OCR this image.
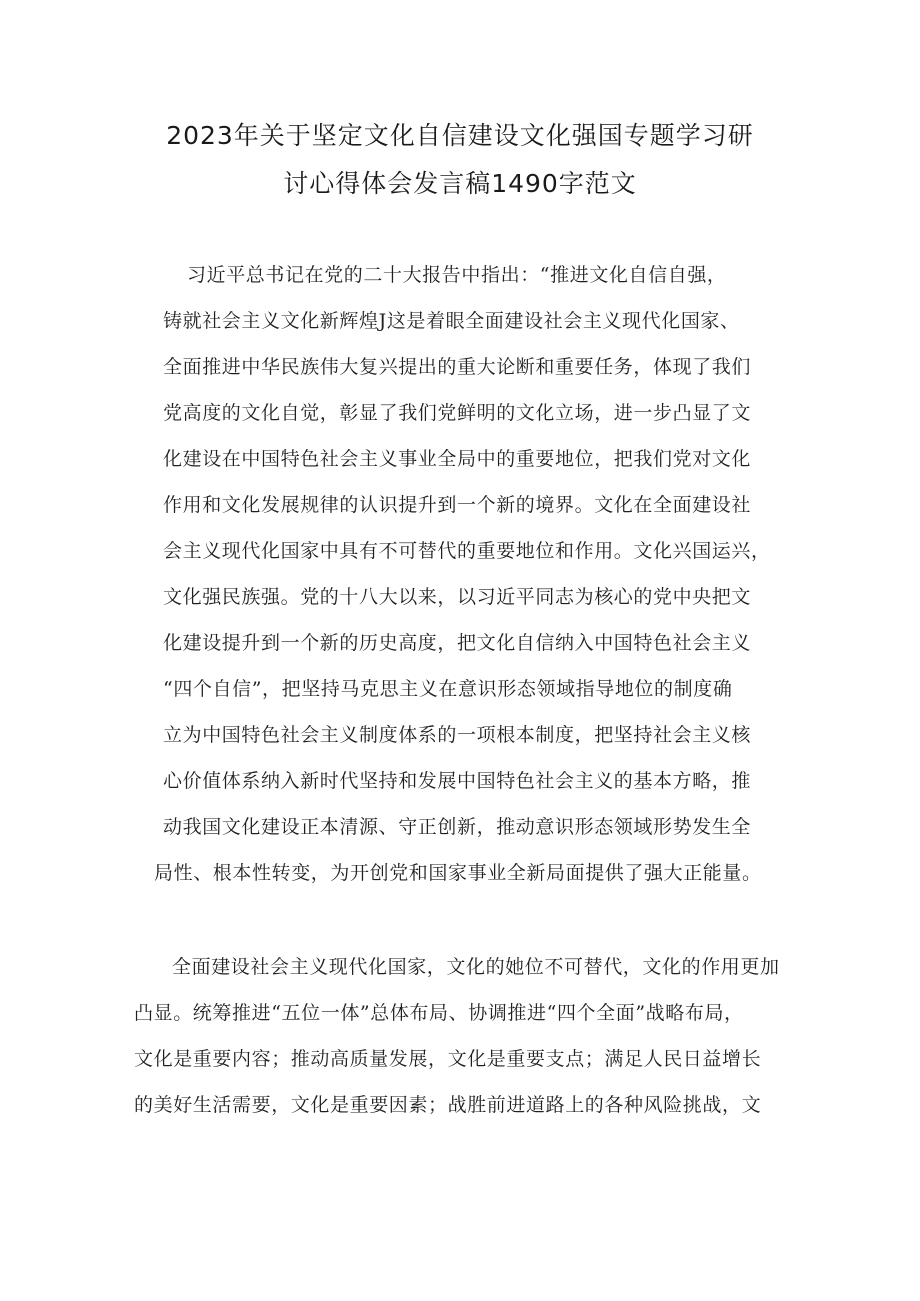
2023年关于坚定文化自信建设文化强国专题学习研
讨心得体会发言稿1490字范文
习近平总书记在党的二十大报告中指出：“推进文化自信自强，
铸就社会主义文化新辉煌J这是着眼全面建设社会主义现代化国家、
全面推进中华民族伟大复兴提出的重大论断和重要任务，体现了我们
党高度的文化自觉，彰显了我们党鲜明的文化立场，进一步凸显了文
化建设在中国特色社会主义事业全局中的重要地位，把我们党对文化
作用和文化发展规律的认识提升到一个新的境界。文化在全面建设社
会主义现代化国家中具有不可替代的重要地位和作用。文化兴国运兴，
文化强民族强。党的十八大以来，以习近平同志为核心的党中央把文
化建设提升到一个新的历史高度，把文化自信纳入中国特色社会主义
“四个自信”，把坚持马克思主义在意识形态领域指导地位的制度确
立为中国特色社会主义制度体系的一项根本制度，把坚持社会主义核
心价值体系纳入新时代坚持和发展中国特色社会主义的基本方略，推
动我国文化建设正本清源、守正创新，推动意识形态领域形势发生全
局性、根本性转变，为开创党和国家事业全新局面提供了强大正能量。
全面建设社会主义现代化国家，文化的她位不可替代，文化的作用更加
凸显。统筹推进“五位一体”总体布局、协调推进“四个全面”战略布局，
文化是重要内容；推动高质量发展，文化是重要支点；满足人民日益增长
的美好生活需要，文化是重要因素；战胜前进道路上的各种风险挑战，文
